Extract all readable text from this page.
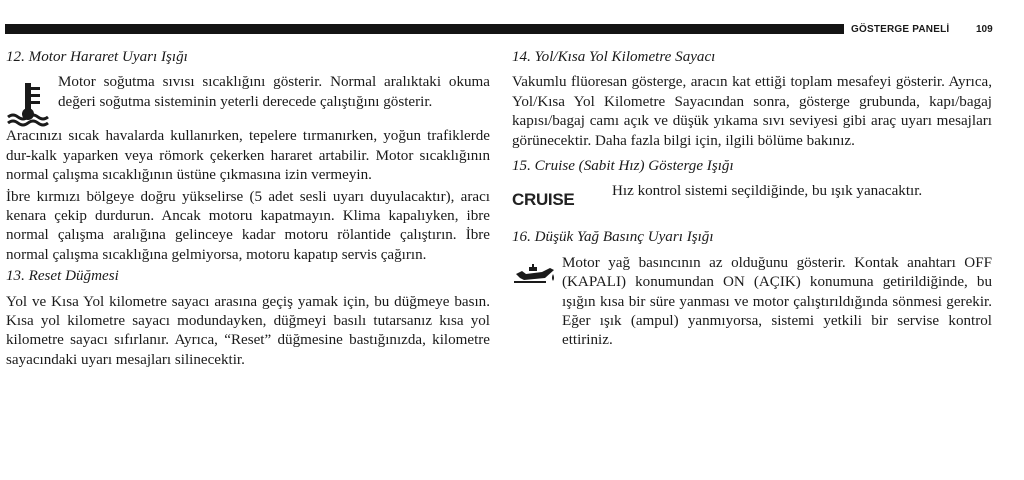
GÖSTERGE PANELİ	109
12. Motor Hararet Uyarı Işığı

Motor soğutma sıvısı sıcaklığını gösterir. Normal aralıktaki okuma değeri soğutma sisteminin yeterli derecede çalıştığını gösterir.

Aracınızı sıcak havalarda kullanırken, tepelere tırmanırken, yoğun trafiklerde dur-kalk yaparken veya römork çekerken hararet artabilir. Motor sıcaklığının normal çalışma sıcaklığının üstüne çıkmasına izin vermeyin.

İbre kırmızı bölgeye doğru yükselirse (5 adet sesli uyarı duyulacaktır), aracı kenara çekip durdurun. Ancak motoru kapatmayın. Klima kapalıyken, ibre normal çalışma aralığına gelinceye kadar motoru rölantide çalıştırın. İbre normal çalışma sıcaklığına gelmiyorsa, motoru kapatıp servis çağırın.

13. Reset Düğmesi

Yol ve Kısa Yol kilometre sayacı arasına geçiş yamak için, bu düğmeye basın. Kısa yol kilometre sayacı modundayken, düğmeyi basılı tutarsanız kısa yol kilometre sayacı sıfırlanır. Ayrıca, “Reset” düğmesine bastığınızda, kilometre sayacındaki uyarı mesajları silinecektir.

14. Yol/Kısa Yol Kilometre Sayacı

Vakumlu flüoresan gösterge, aracın kat ettiği toplam mesafeyi gösterir. Ayrıca, Yol/Kısa Yol Kilometre Sayacından sonra, gösterge grubunda, kapı/bagaj kapısı/bagaj camı açık ve düşük yıkama sıvı seviyesi gibi araç uyarı mesajları görünecektir. Daha fazla bilgi için, ilgili bölüme bakınız.

15. Cruise (Sabit Hız) Gösterge Işığı
CRUISE	Hız kontrol sistemi seçildiğinde, bu ışık yanacaktır.

16. Düşük Yağ Basınç Uyarı Işığı

Motor yağ basıncının az olduğunu gösterir. Kontak anahtarı OFF (KAPALI) konumundan ON (AÇIK) konumuna getirildiğinde, bu ışığın kısa bir süre yanması ve motor çalıştırıldığında sönmesi gerekir. Eğer ışık (ampul) yanmıyorsa, sistemi yetkili bir servise kontrol ettiriniz.
